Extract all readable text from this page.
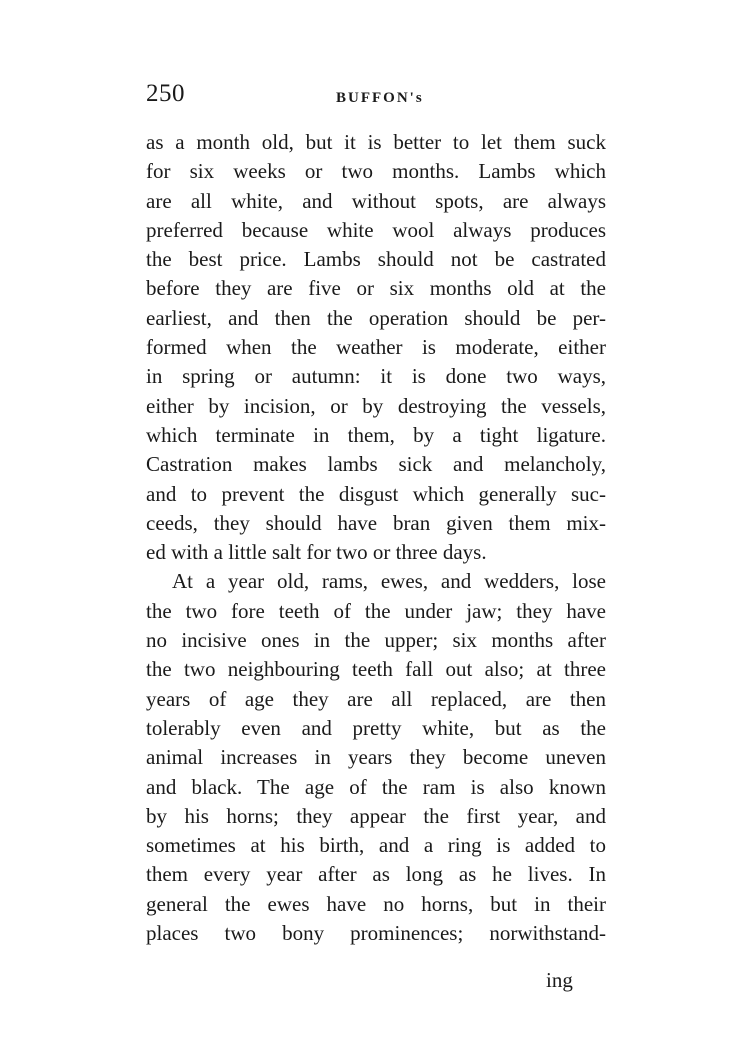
250	BUFFON's
as a month old, but it is better to let them suck
for six weeks or two months. Lambs which
are all white, and without spots, are always
preferred because white wool always produces
the best price. Lambs should not be castrated
before they are five or six months old at the
earliest, and then the operation should be per-
formed when the weather is moderate, either
in spring or autumn: it is done two ways,
either by incision, or by destroying the vessels,
which terminate in them, by a tight ligature.
Castration makes lambs sick and melancholy,
and to prevent the disgust which generally suc-
ceeds, they should have bran given them mix-
ed with a little salt for two or three days.
At a year old, rams, ewes, and wedders, lose
the two fore teeth of the under jaw; they have
no incisive ones in the upper; six months after
the two neighbouring teeth fall out also; at three
years of age they are all replaced, are then
tolerably even and pretty white, but as the
animal increases in years they become uneven
and black. The age of the ram is also known
by his horns; they appear the first year, and
sometimes at his birth, and a ring is added to
them every year after as long as he lives. In
general the ewes have no horns, but in their
places two bony prominences; norwithstand-
ing
